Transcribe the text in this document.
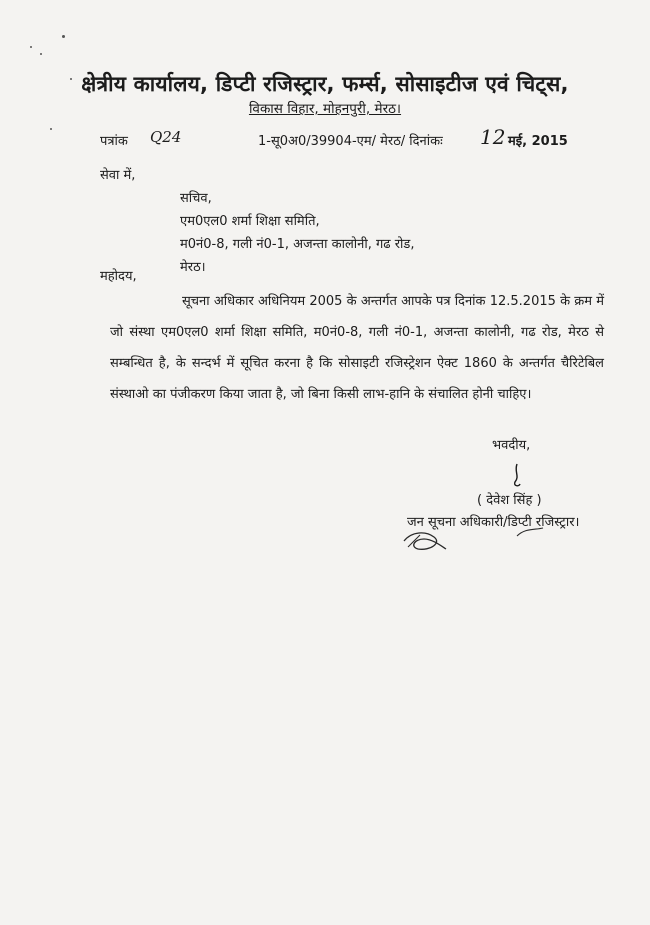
क्षेत्रीय कार्यालय, डिप्टी रजिस्ट्रार, फर्म्स, सोसाइटीज एवं चिट्स,
विकास विहार, मोहनपुरी, मेरठ।
पत्रांक Q24	1-सू0अ0/39904-एम/ मेरठ/ दिनांकः 12 मई, 2015
सेवा में,
सचिव,
एम0एल0 शर्मा शिक्षा समिति,
म0नं0-8, गली नं0-1, अजन्ता कालोनी, गढ रोड,
मेरठ।
महोदय,
सूचना अधिकार अधिनियम 2005 के अन्तर्गत आपके पत्र दिनांक 12.5.2015 के क्रम में जो संस्था एम0एल0 शर्मा शिक्षा समिति, म0नं0-8, गली नं0-1, अजन्ता कालोनी, गढ रोड, मेरठ से सम्बन्धित है, के सन्दर्भ में सूचित करना है कि सोसाइटी रजिस्ट्रेशन ऐक्ट 1860 के अन्तर्गत चैरिटेबिल संस्थाओ का पंजीकरण किया जाता है, जो बिना किसी लाभ-हानि के संचालित होनी चाहिए।
भवदीय,
( देवेश सिंह )
जन सूचना अधिकारी/डिप्टी रजिस्ट्रार।
